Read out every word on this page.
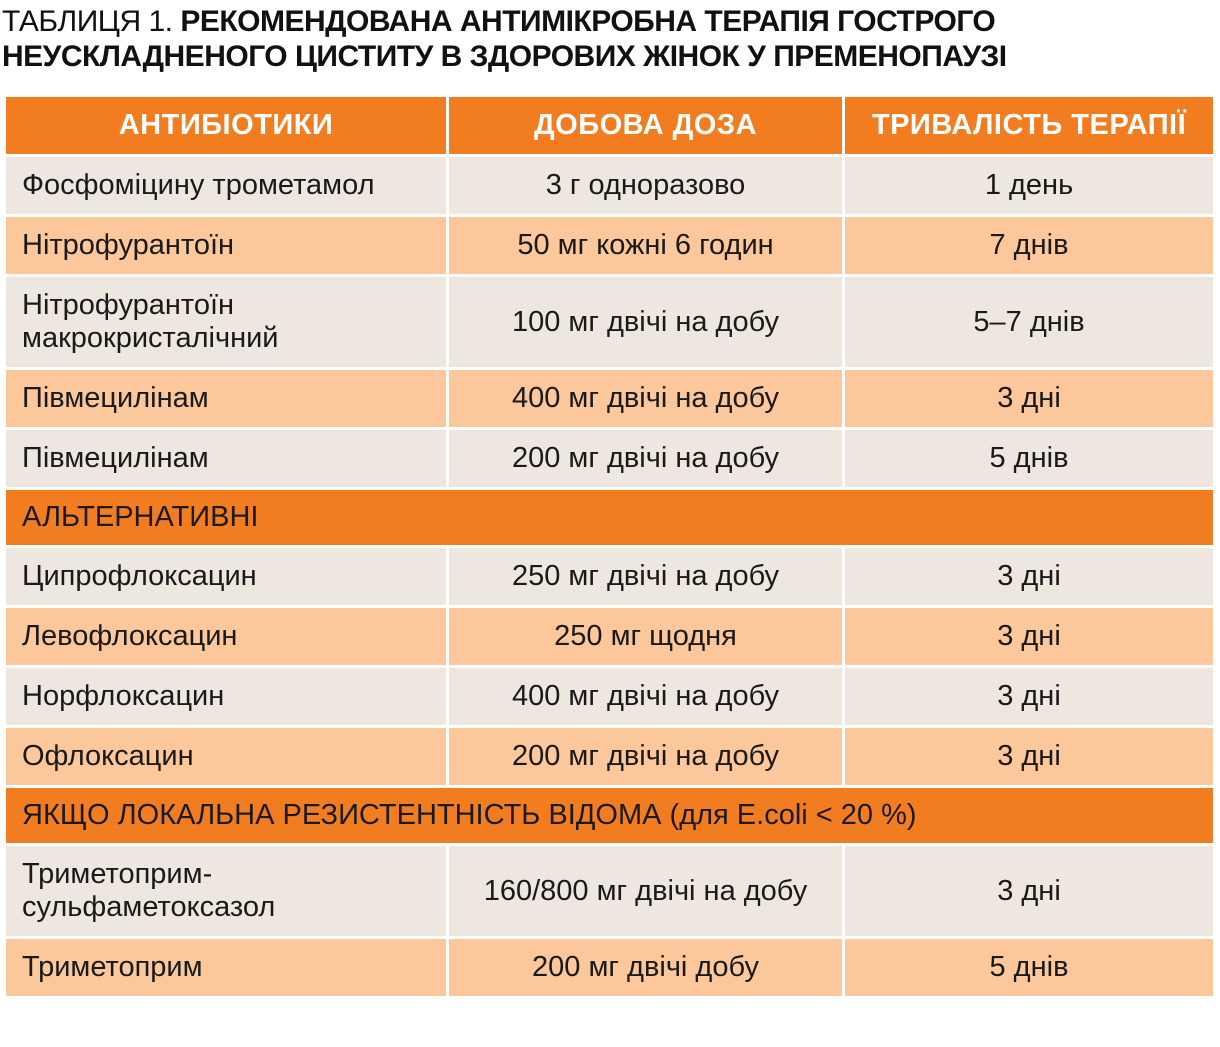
ТАБЛИЦЯ 1. РЕКОМЕНДОВАНА АНТИМІКРОБНА ТЕРАПІЯ ГОСТРОГО НЕУСКЛАДНЕНОГО ЦИСТИТУ В ЗДОРОВИХ ЖІНОК У ПРЕМЕНОПАУЗІ
АНТИБІОТИКИ	ДОБОВА ДОЗА	ТРИВАЛІСТЬ ТЕРАПІЇ
Фосфоміцину трометамол	3 г одноразово	1 день
Нітрофурантоїн	50 мг кожні 6 годин	7 днів
Нітрофурантоїн макрокристалічний	100 мг двічі на добу	5–7 днів
Півмецилінам	400 мг двічі на добу	3 дні
Півмецилінам	200 мг двічі на добу	5 днів
АЛЬТЕРНАТИВНІ		
Ципрофлоксацин	250 мг двічі на добу	3 дні
Левофлоксацин	250 мг щодня	3 дні
Норфлоксацин	400 мг двічі на добу	3 дні
Офлоксацин	200 мг двічі на добу	3 дні
ЯКЩО ЛОКАЛЬНА РЕЗИСТЕНТНІСТЬ ВІДОМА (для E.coli < 20 %)		
Триметоприм-сульфаметоксазол	160/800 мг двічі на добу	3 дні
Триметоприм	200 мг двічі добу	5 днів
